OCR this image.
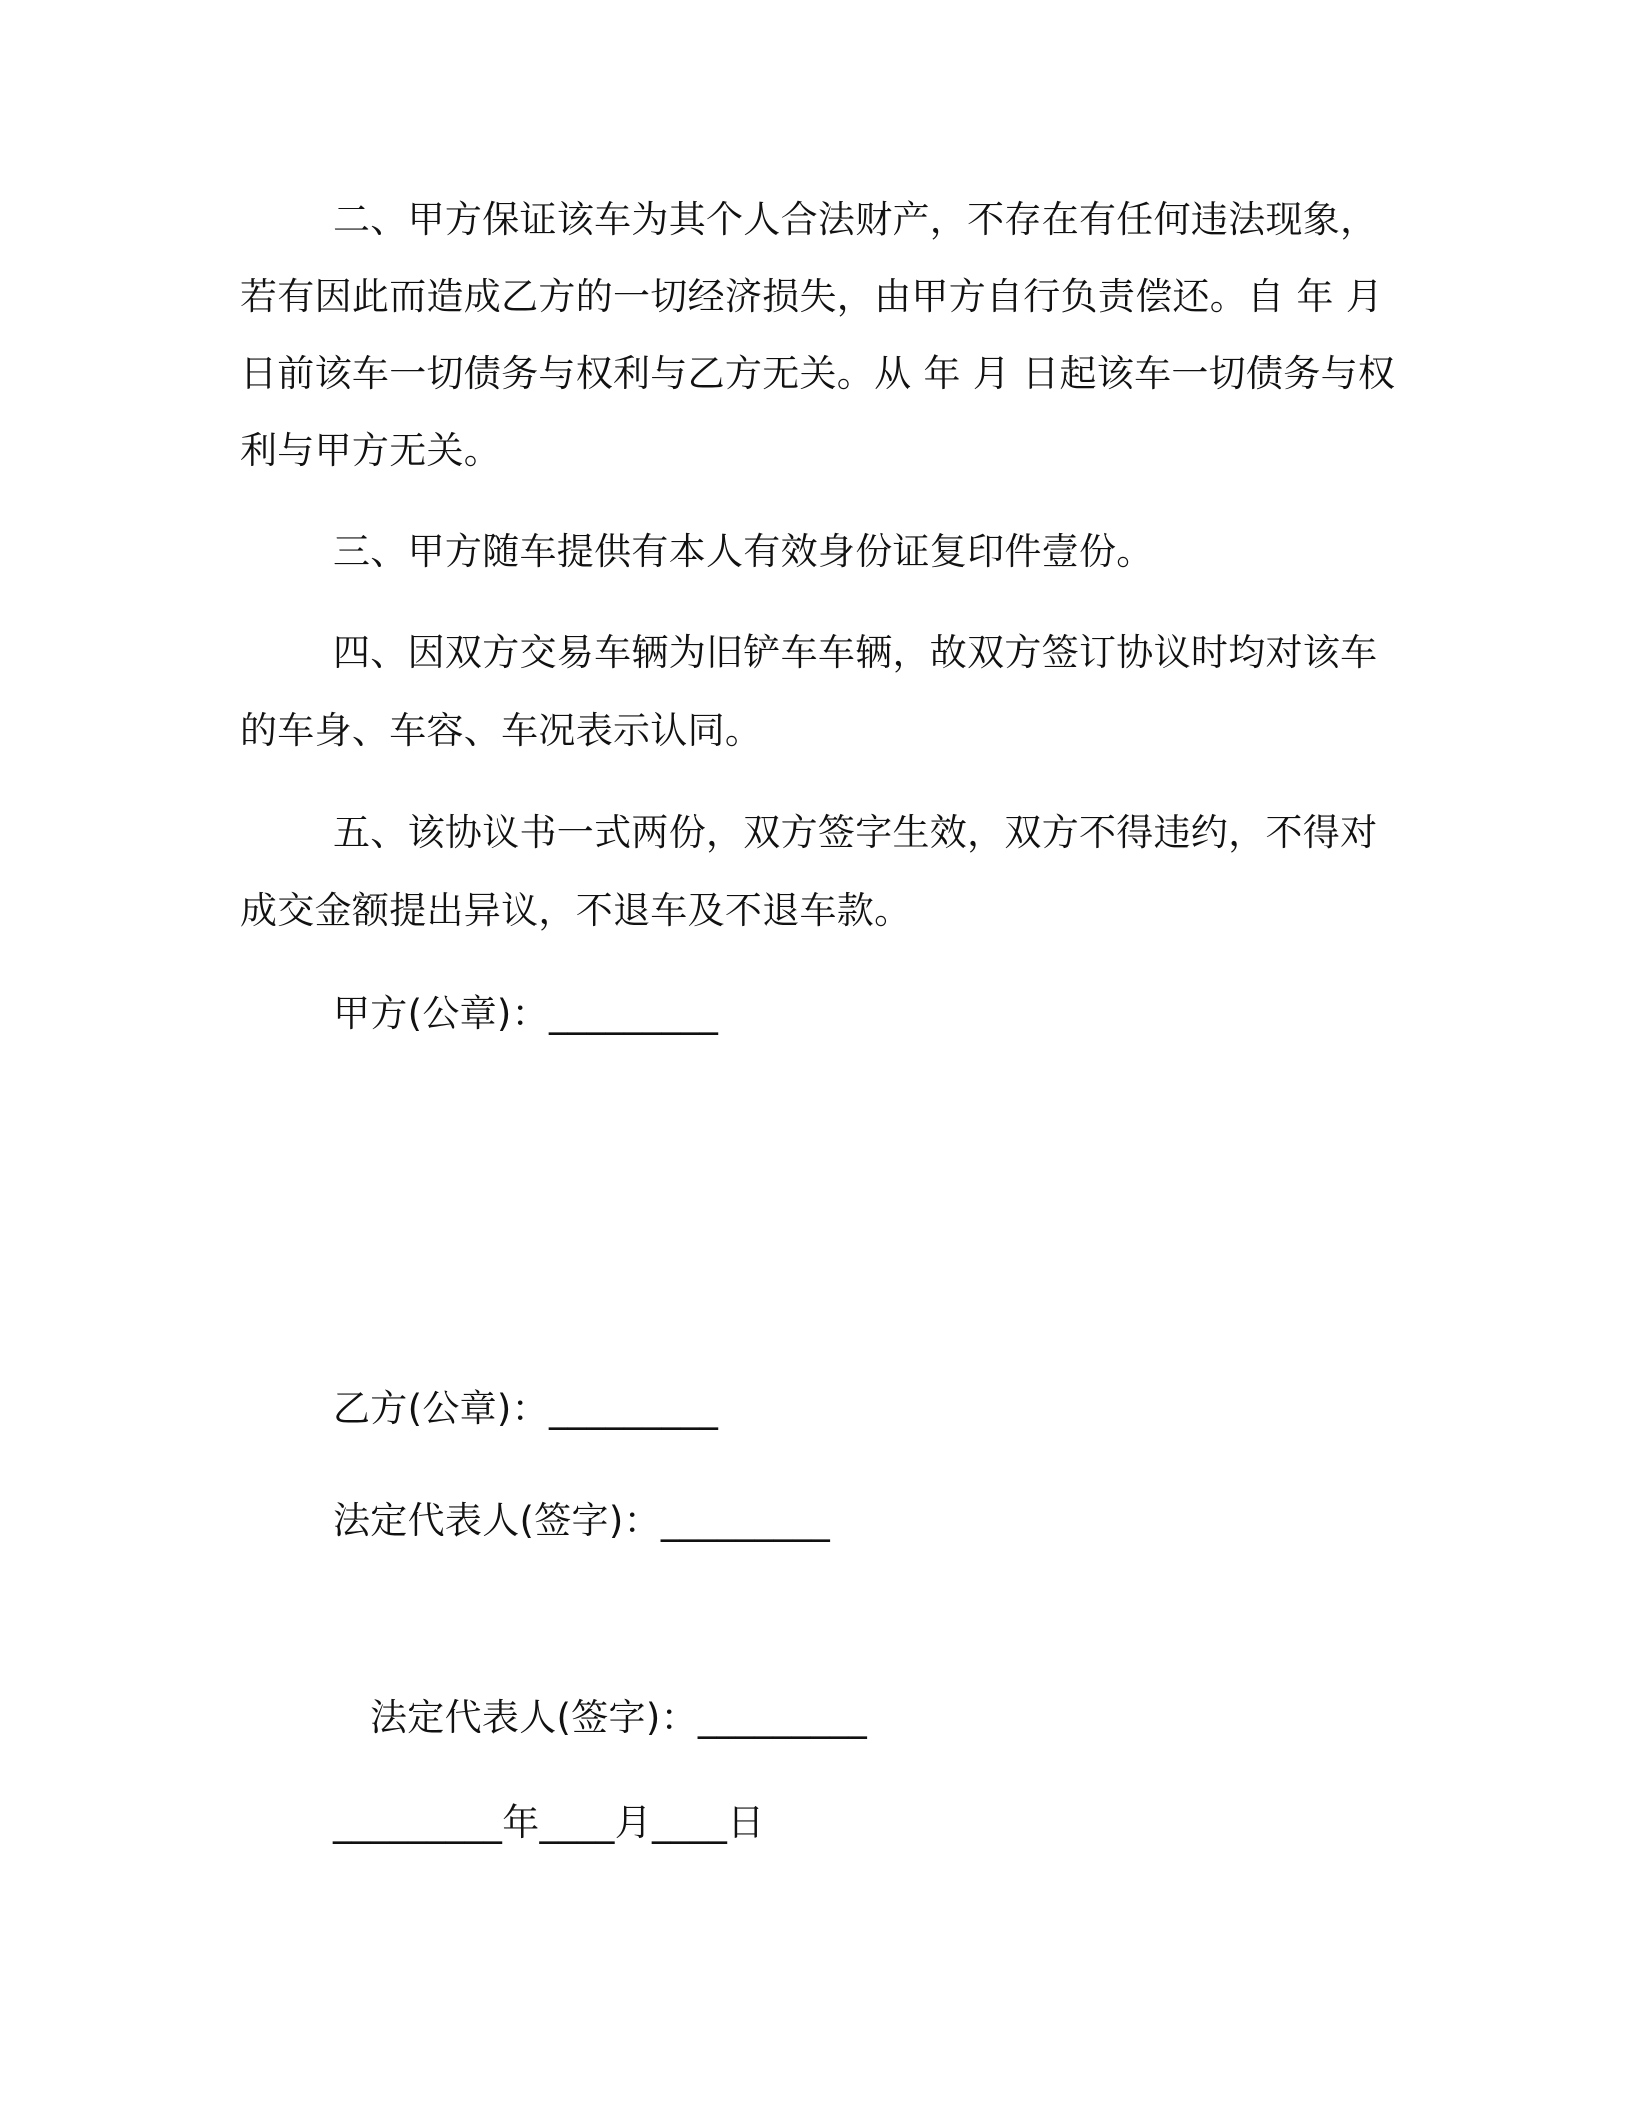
二、甲方保证该车为其个人合法财产，不存在有任何违法现象，
若有因此而造成乙方的一切经济损失，由甲方自行负责偿还。自 年 月
日前该车一切债务与权利与乙方无关。从 年 月 日起该车一切债务与权
利与甲方无关。
三、甲方随车提供有本人有效身份证复印件壹份。
四、因双方交易车辆为旧铲车车辆，故双方签订协议时均对该车
的车身、车容、车况表示认同。
五、该协议书一式两份，双方签字生效，双方不得违约，不得对
成交金额提出异议，不退车及不退车款。
甲方(公章)：_________
乙方(公章)：_________
法定代表人(签字)：_________
法定代表人(签字)：_________
_________年____月____日
